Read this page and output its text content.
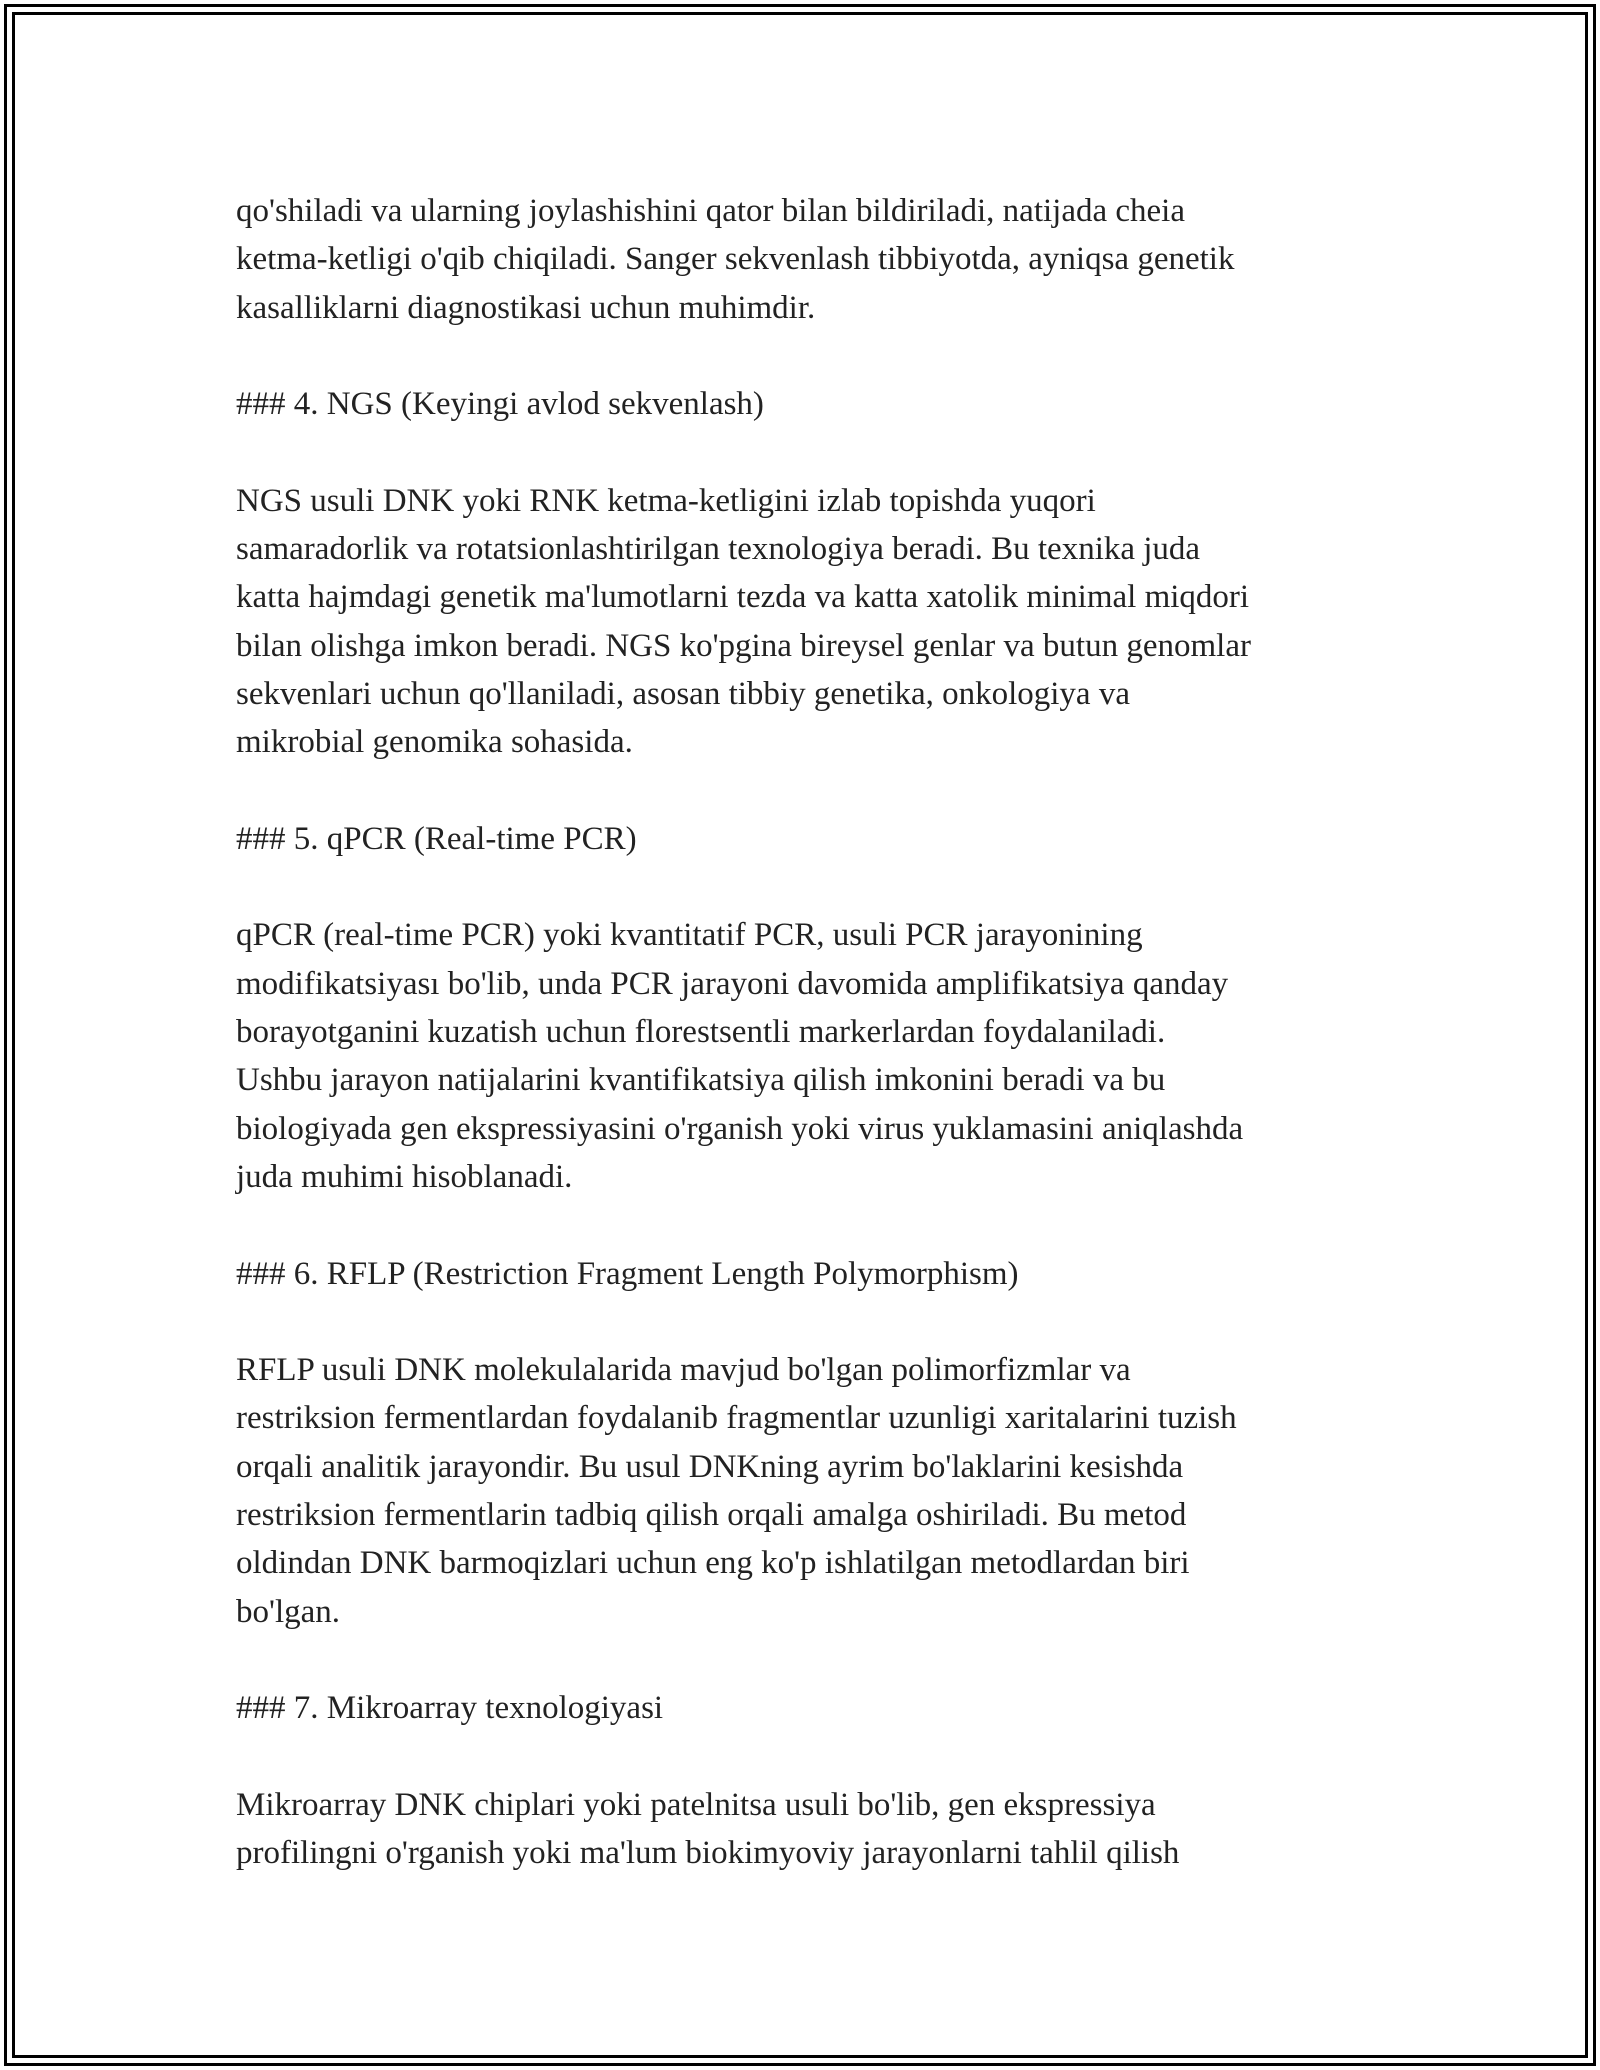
qo'shiladi va ularning joylashishini qator bilan bildiriladi, natijada cheia
ketma-ketligi o'qib chiqiladi. Sanger sekvenlash tibbiyotda, ayniqsa genetik
kasalliklarni diagnostikasi uchun muhimdir.
### 4. NGS (Keyingi avlod sekvenlash)
NGS usuli DNK yoki RNK ketma-ketligini izlab topishda yuqori
samaradorlik va rotatsionlashtirilgan texnologiya beradi. Bu texnika juda
katta hajmdagi genetik ma'lumotlarni tezda va katta xatolik minimal miqdori
bilan olishga imkon beradi. NGS ko'pgina bireysel genlar va butun genomlar
sekvenlari uchun qo'llaniladi, asosan tibbiy genetika, onkologiya va
mikrobial genomika sohasida.
### 5. qPCR (Real-time PCR)
qPCR (real-time PCR) yoki kvantitatif PCR, usuli PCR jarayonining
modifikatsiyası bo'lib, unda PCR jarayoni davomida amplifikatsiya qanday
borayotganini kuzatish uchun florestsentli markerlardan foydalaniladi.
Ushbu jarayon natijalarini kvantifikatsiya qilish imkonini beradi va bu
biologiyada gen ekspressiyasini o'rganish yoki virus yuklamasini aniqlashda
juda muhimi hisoblanadi.
### 6. RFLP (Restriction Fragment Length Polymorphism)
RFLP usuli DNK molekulalarida mavjud bo'lgan polimorfizmlar va
restriksion fermentlardan foydalanib fragmentlar uzunligi xaritalarini tuzish
orqali analitik jarayondir. Bu usul DNKning ayrim bo'laklarini kesishda
restriksion fermentlarin tadbiq qilish orqali amalga oshiriladi. Bu metod
oldindan DNK barmoqizlari uchun eng ko'p ishlatilgan metodlardan biri
bo'lgan.
### 7. Mikroarray texnologiyasi
Mikroarray DNK chiplari yoki patelnitsa usuli bo'lib, gen ekspressiya
profilingni o'rganish yoki ma'lum biokimyoviy jarayonlarni tahlil qilish
